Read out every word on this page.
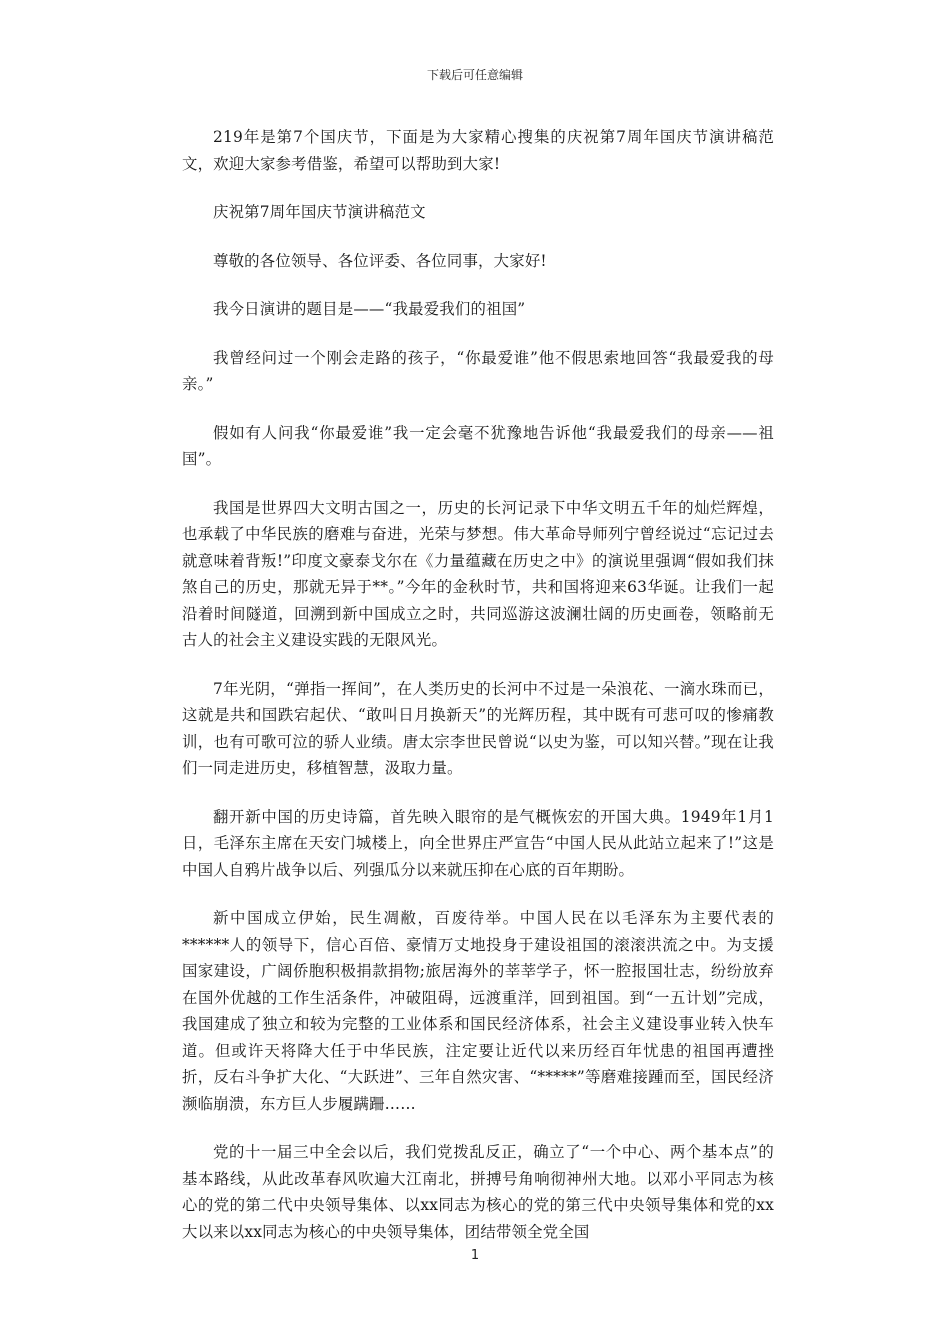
下载后可任意编辑

219年是第7个国庆节，下面是为大家精心搜集的庆祝第7周年国庆节演讲稿范文，欢迎大家参考借鉴，希望可以帮助到大家!

庆祝第7周年国庆节演讲稿范文

尊敬的各位领导、各位评委、各位同事，大家好!

我今日演讲的题目是——“我最爱我们的祖国”

我曾经问过一个刚会走路的孩子，“你最爱谁”他不假思索地回答“我最爱我的母亲。”

假如有人问我“你最爱谁”我一定会毫不犹豫地告诉他“我最爱我们的母亲——祖国”。

我国是世界四大文明古国之一，历史的长河记录下中华文明五千年的灿烂辉煌，也承载了中华民族的磨难与奋进，光荣与梦想。伟大革命导师列宁曾经说过“忘记过去就意味着背叛!”印度文豪泰戈尔在《力量蕴藏在历史之中》的演说里强调“假如我们抹煞自己的历史，那就无异于**。”今年的金秋时节，共和国将迎来63华诞。让我们一起沿着时间隧道，回溯到新中国成立之时，共同巡游这波澜壮阔的历史画卷，领略前无古人的社会主义建设实践的无限风光。

7年光阴，“弹指一挥间”，在人类历史的长河中不过是一朵浪花、一滴水珠而已，这就是共和国跌宕起伏、“敢叫日月换新天”的光辉历程，其中既有可悲可叹的惨痛教训，也有可歌可泣的骄人业绩。唐太宗李世民曾说“以史为鉴，可以知兴替。”现在让我们一同走进历史，移植智慧，汲取力量。

翻开新中国的历史诗篇，首先映入眼帘的是气概恢宏的开国大典。1949年1月1日，毛泽东主席在天安门城楼上，向全世界庄严宣告“中国人民从此站立起来了!”这是中国人自鸦片战争以后、列强瓜分以来就压抑在心底的百年期盼。

新中国成立伊始，民生凋敝，百废待举。中国人民在以毛泽东为主要代表的******人的领导下，信心百倍、豪情万丈地投身于建设祖国的滚滚洪流之中。为支援国家建设，广阔侨胞积极捐款捐物;旅居海外的莘莘学子，怀一腔报国壮志，纷纷放弃在国外优越的工作生活条件，冲破阻碍，远渡重洋，回到祖国。到“一五计划”完成，我国建成了独立和较为完整的工业体系和国民经济体系，社会主义建设事业转入快车道。但或许天将降大任于中华民族，注定要让近代以来历经百年忧患的祖国再遭挫折，反右斗争扩大化、“大跃进”、三年自然灾害、“*****”等磨难接踵而至，国民经济濒临崩溃，东方巨人步履蹒跚……

党的十一届三中全会以后，我们党拨乱反正，确立了“一个中心、两个基本点”的基本路线，从此改革春风吹遍大江南北，拼搏号角响彻神州大地。以邓小平同志为核心的党的第二代中央领导集体、以xx同志为核心的党的第三代中央领导集体和党的xx大以来以xx同志为核心的中央领导集体，团结带领全党全国

1
